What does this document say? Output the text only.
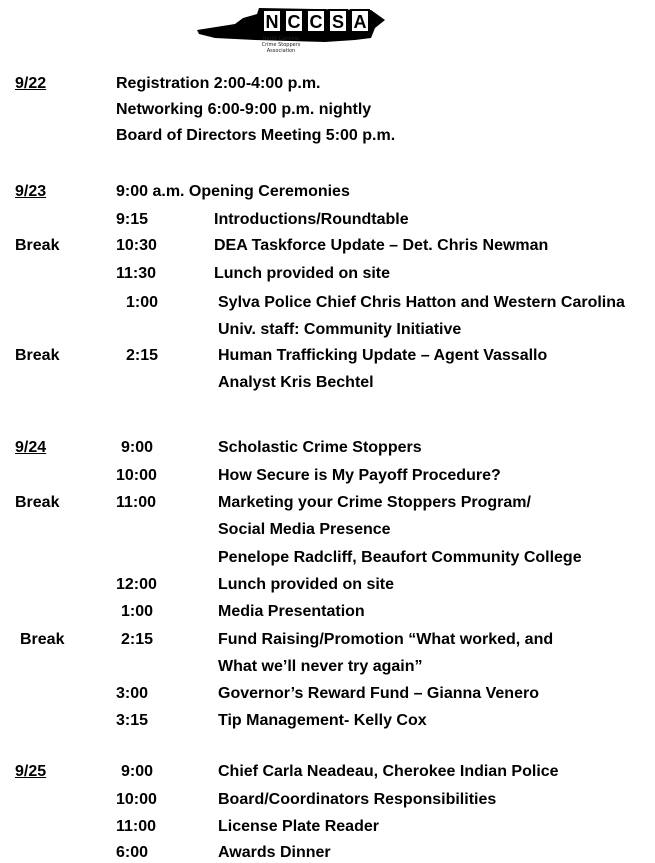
N C C S A
North Carolina
Crime Stoppers
Association
9/22	Registration 2:00-4:00 p.m.
Networking 6:00-9:00 p.m. nightly
Board of Directors Meeting 5:00 p.m.
9/23	9:00 a.m. Opening Ceremonies
9:15	Introductions/Roundtable
Break	10:30	DEA Taskforce Update – Det. Chris Newman
11:30	Lunch provided on site
1:00	Sylva Police Chief Chris Hatton and Western Carolina
Univ. staff: Community Initiative
Break	2:15	Human Trafficking Update – Agent Vassallo
Analyst Kris Bechtel
9/24	9:00	Scholastic Crime Stoppers
10:00	How Secure is My Payoff Procedure?
Break	11:00	Marketing your Crime Stoppers Program/
Social Media Presence
Penelope Radcliff, Beaufort Community College
12:00	Lunch provided on site
1:00	Media Presentation
Break	2:15	Fund Raising/Promotion “What worked, and
What we’ll never try again”
3:00	Governor’s Reward Fund – Gianna Venero
3:15	Tip Management- Kelly Cox
9/25	9:00	Chief Carla Neadeau, Cherokee Indian Police
10:00	Board/Coordinators Responsibilities
11:00	License Plate Reader
6:00	Awards Dinner
